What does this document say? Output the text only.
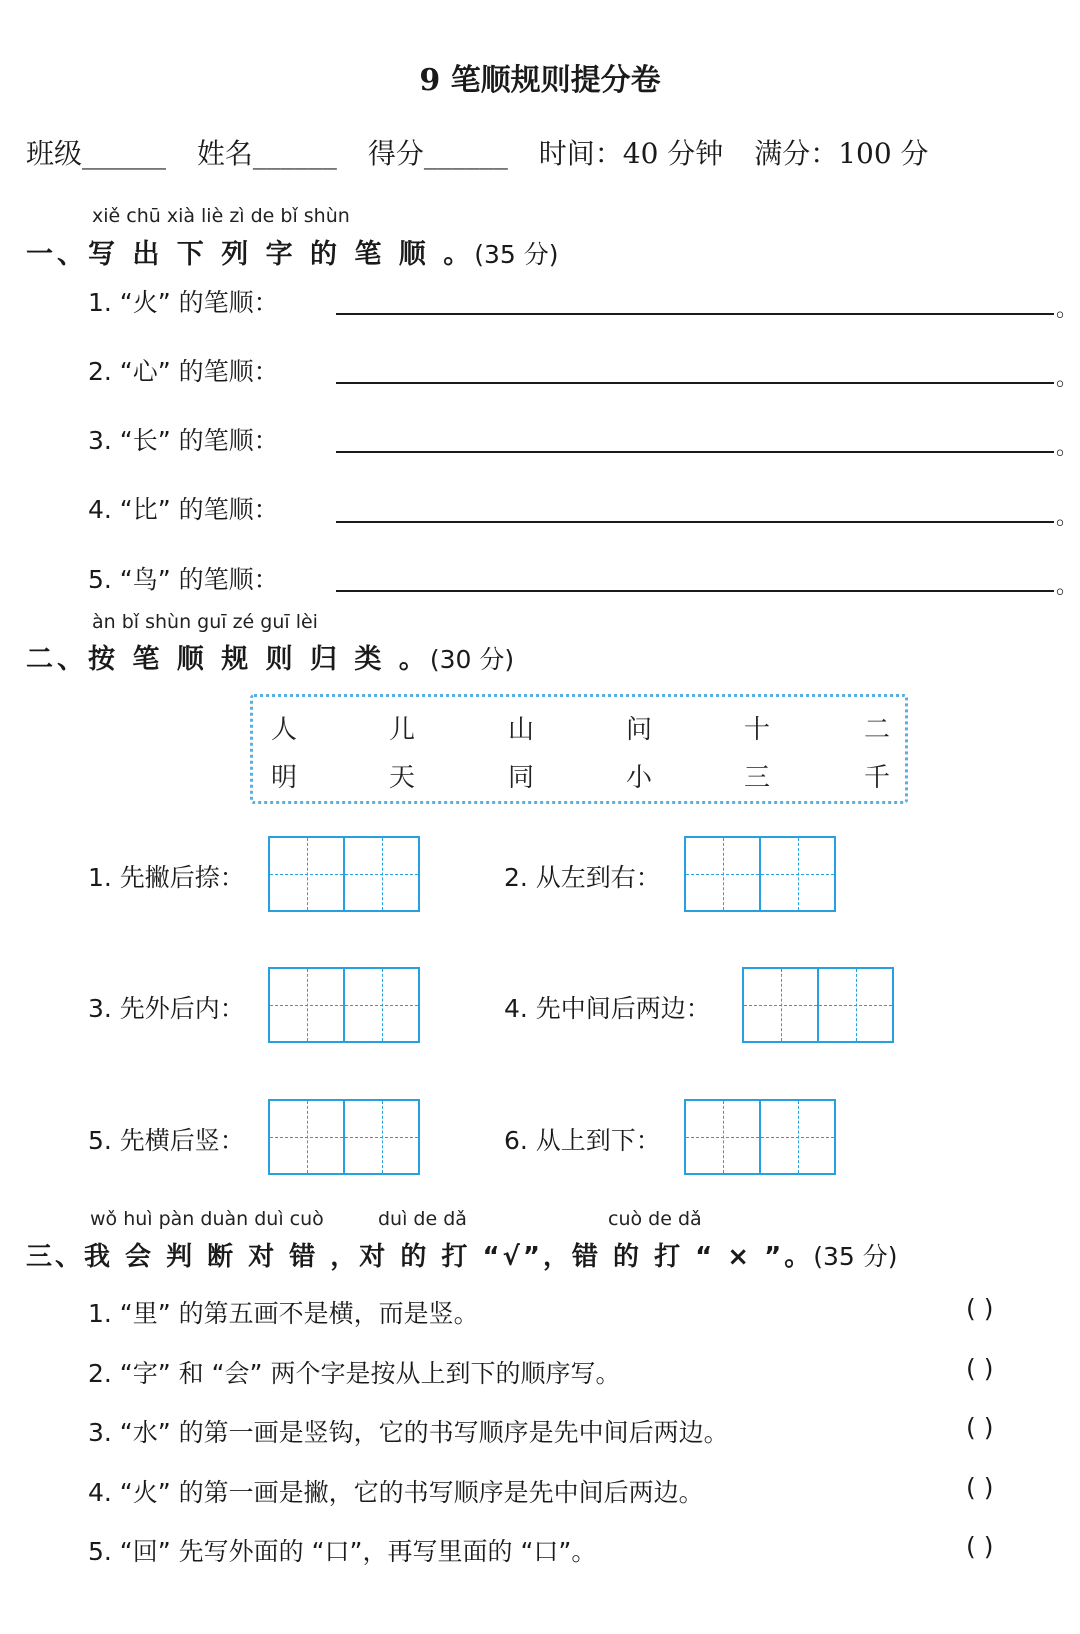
9 笔顺规则提分卷
班级______ 姓名______ 得分______ 时间：40 分钟 满分：100 分
xiě chū xià liè zì de bǐ shùn
一、写 出 下 列 字 的 笔 顺 。(35 分)
1. “火” 的笔顺：	。
2. “心” 的笔顺：	。
3. “长” 的笔顺：	。
4. “比” 的笔顺：	。
5. “鸟” 的笔顺：	。
àn bǐ shùn guī zé guī lèi
二、按 笔 顺 规 则 归 类 。(30 分)
人	儿	山	问	十	二
明	天	同	小	三	千
1. 先撇后捺：	2. 从左到右：
3. 先外后内：	4. 先中间后两边：
5. 先横后竖：	6. 从上到下：
wǒ huì pàn duàn duì cuò	duì de dǎ	cuò de dǎ
三、我 会 判 断 对 错 ，对 的 打 “√”，错 的 打 “ × ”。(35 分)
1. “里” 的第五画不是横，而是竖。	( )
2. “字” 和 “会” 两个字是按从上到下的顺序写。	( )
3. “水” 的第一画是竖钩，它的书写顺序是先中间后两边。	( )
4. “火” 的第一画是撇，它的书写顺序是先中间后两边。	( )
5. “回” 先写外面的 “口”，再写里面的 “口”。	( )
